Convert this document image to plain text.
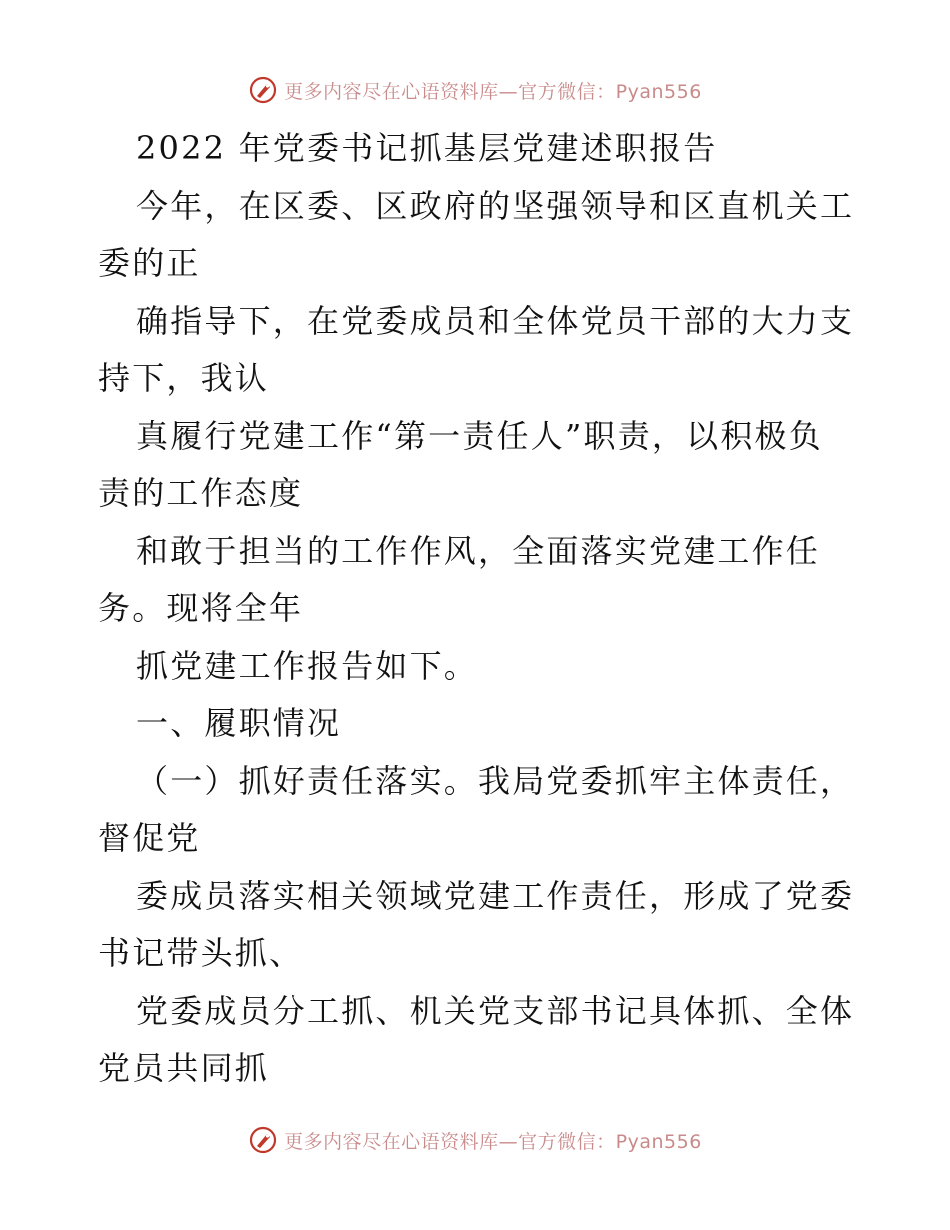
更多内容尽在心语资料库—官方微信：Pyan556
2022 年党委书记抓基层党建述职报告
今年，在区委、区政府的坚强领导和区直机关工
委的正
确指导下，在党委成员和全体党员干部的大力支
持下，我认
真履行党建工作“第一责任人”职责，以积极负
责的工作态度
和敢于担当的工作作风，全面落实党建工作任
务。现将全年
抓党建工作报告如下。
一、履职情况
（一）抓好责任落实。我局党委抓牢主体责任，
督促党
委成员落实相关领域党建工作责任，形成了党委
书记带头抓、
党委成员分工抓、机关党支部书记具体抓、全体
党员共同抓
更多内容尽在心语资料库—官方微信：Pyan556
